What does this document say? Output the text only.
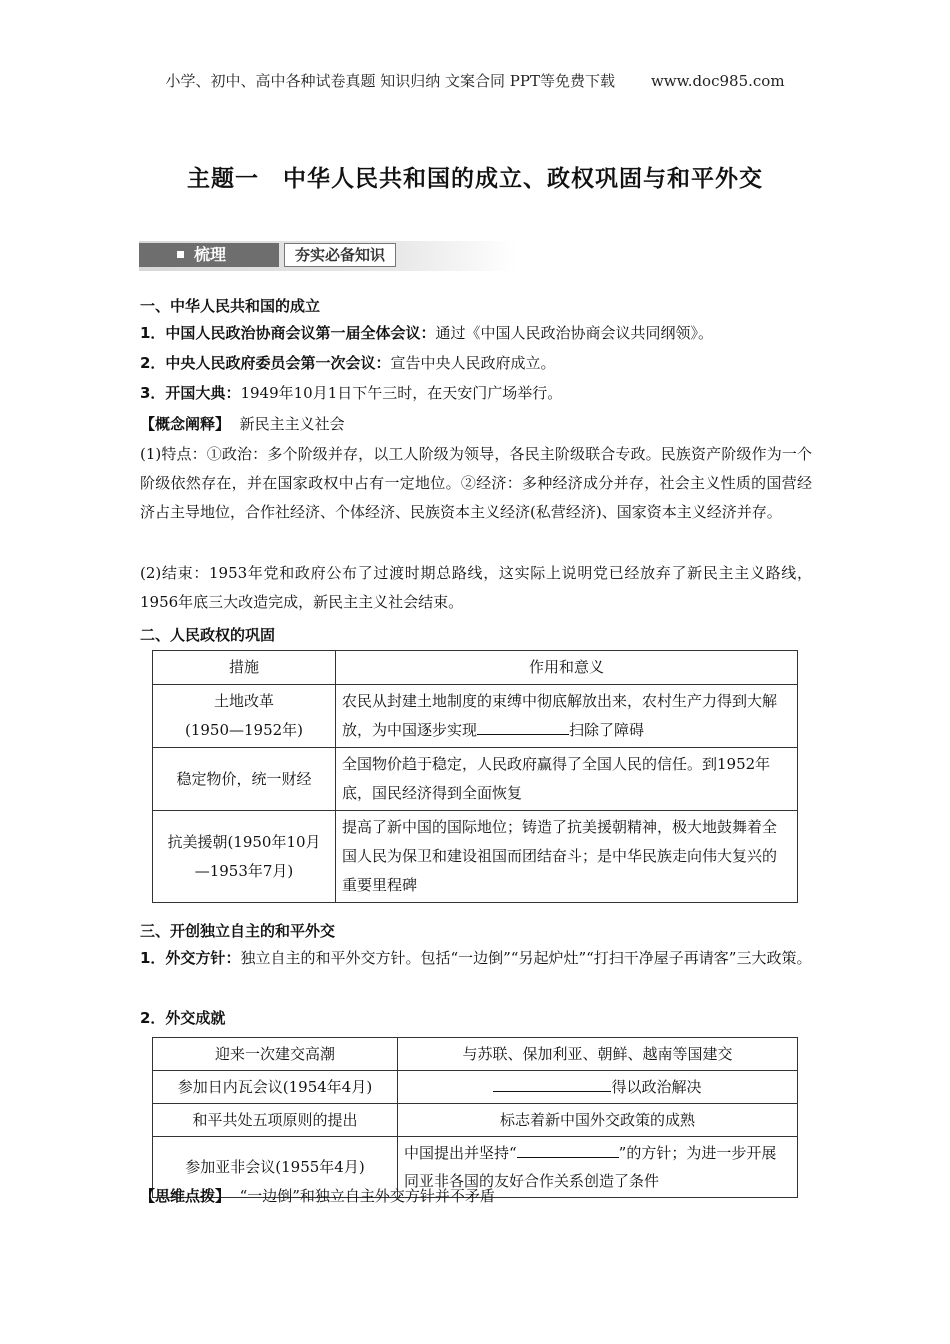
小学、初中、高中各种试卷真题 知识归纳 文案合同 PPT等免费下载 www.doc985.com
主题一　中华人民共和国的成立、政权巩固与和平外交
梳理	夯实必备知识
一、中华人民共和国的成立
1．中国人民政治协商会议第一届全体会议：通过《中国人民政治协商会议共同纲领》。
2．中央人民政府委员会第一次会议：宣告中央人民政府成立。
3．开国大典：1949年10月1日下午三时，在天安门广场举行。
【概念阐释】 新民主主义社会
(1)特点：①政治：多个阶级并存，以工人阶级为领导，各民主阶级联合专政。民族资产阶级作为一个阶级依然存在，并在国家政权中占有一定地位。②经济：多种经济成分并存，社会主义性质的国营经济占主导地位，合作社经济、个体经济、民族资本主义经济(私营经济)、国家资本主义经济并存。
(2)结束：1953年党和政府公布了过渡时期总路线，这实际上说明党已经放弃了新民主主义路线，1956年底三大改造完成，新民主主义社会结束。
二、人民政权的巩固
措施	作用和意义
土地改革
(1950—1952年)	农民从封建土地制度的束缚中彻底解放出来，农村生产力得到大解放，为中国逐步实现 扫除了障碍
稳定物价，统一财经	全国物价趋于稳定，人民政府赢得了全国人民的信任。到1952年底，国民经济得到全面恢复
抗美援朝(1950年10月
—1953年7月)	提高了新中国的国际地位；铸造了抗美援朝精神，极大地鼓舞着全国人民为保卫和建设祖国而团结奋斗；是中华民族走向伟大复兴的重要里程碑
三、开创独立自主的和平外交
1．外交方针：独立自主的和平外交方针。包括“一边倒”“另起炉灶”“打扫干净屋子再请客”三大政策。
2．外交成就
迎来一次建交高潮	与苏联、保加利亚、朝鲜、越南等国建交
参加日内瓦会议(1954年4月)	得以政治解决
和平共处五项原则的提出	标志着新中国外交政策的成熟
参加亚非会议(1955年4月)	中国提出并坚持“ ”的方针；为进一步开展同亚非各国的友好合作关系创造了条件
【思维点拨】 “一边倒”和独立自主外交方针并不矛盾
